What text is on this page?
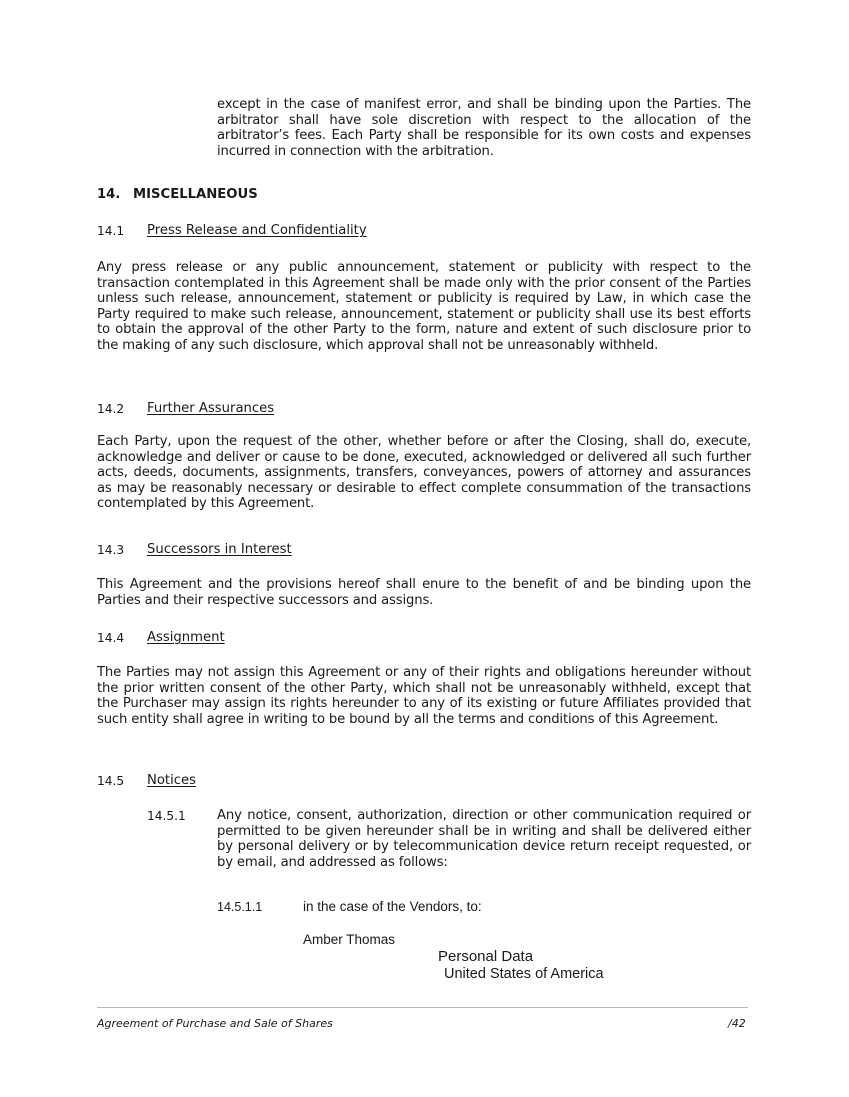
except in the case of manifest error, and shall be binding upon the Parties. The arbitrator shall have sole discretion with respect to the allocation of the arbitrator’s fees. Each Party shall be responsible for its own costs and expenses incurred in connection with the arbitration.

14. MISCELLANEOUS
14.1 Press Release and Confidentiality

Any press release or any public announcement, statement or publicity with respect to the transaction contemplated in this Agreement shall be made only with the prior consent of the Parties unless such release, announcement, statement or publicity is required by Law, in which case the Party required to make such release, announcement, statement or publicity shall use its best efforts to obtain the approval of the other Party to the form, nature and extent of such disclosure prior to the making of any such disclosure, which approval shall not be unreasonably withheld.

14.2 Further Assurances

Each Party, upon the request of the other, whether before or after the Closing, shall do, execute, acknowledge and deliver or cause to be done, executed, acknowledged or delivered all such further acts, deeds, documents, assignments, transfers, conveyances, powers of attorney and assurances as may be reasonably necessary or desirable to effect complete consummation of the transactions contemplated by this Agreement.

14.3 Successors in Interest

This Agreement and the provisions hereof shall enure to the benefit of and be binding upon the Parties and their respective successors and assigns.

14.4 Assignment

The Parties may not assign this Agreement or any of their rights and obligations hereunder without the prior written consent of the other Party, which shall not be unreasonably withheld, except that the Purchaser may assign its rights hereunder to any of its existing or future Affiliates provided that such entity shall agree in writing to be bound by all the terms and conditions of this Agreement.

14.5 Notices
14.5.1 Any notice, consent, authorization, direction or other communication required or permitted to be given hereunder shall be in writing and shall be delivered either by personal delivery or by telecommunication device return receipt requested, or by email, and addressed as follows:

14.5.1.1	in the case of the Vendors, to:
Amber Thomas
Personal Data
United States of America
Agreement of Purchase and Sale of Shares	/42
